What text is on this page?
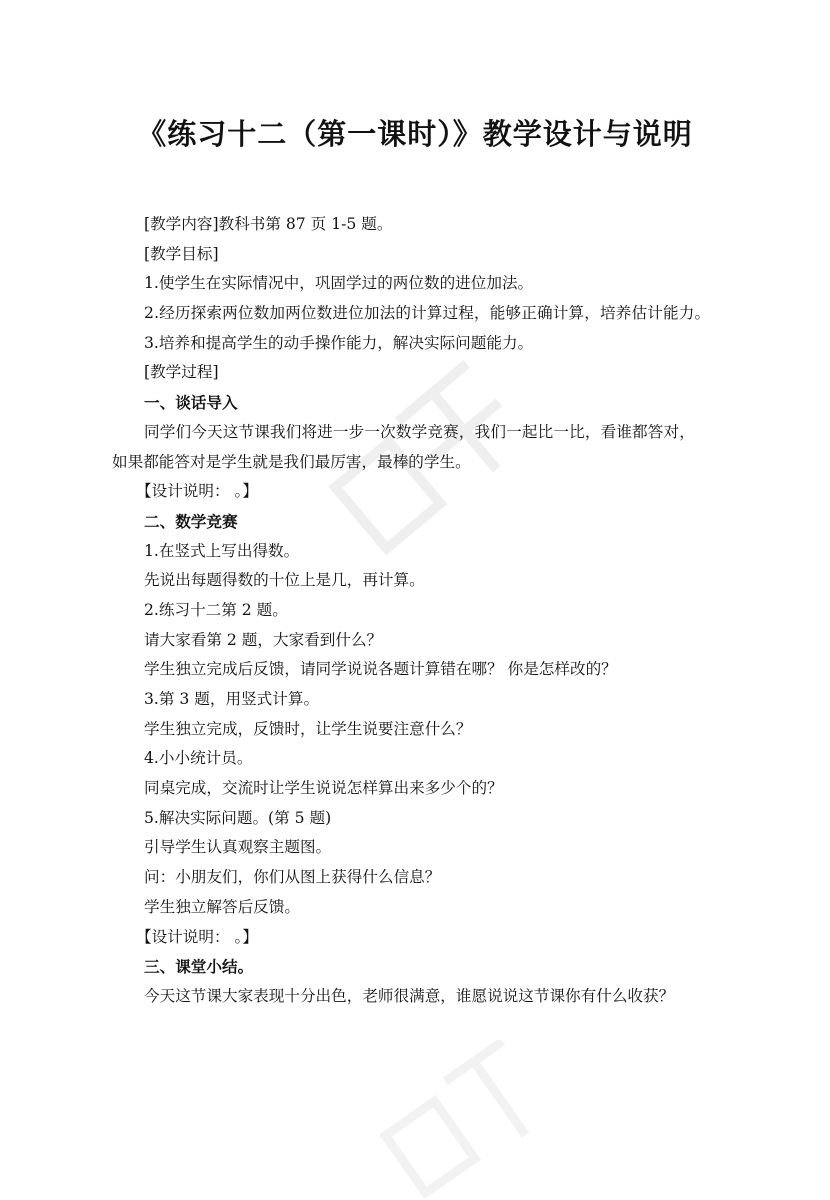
《练习十二（第一课时）》教学设计与说明
[教学内容]教科书第 87 页 1-5 题。
[教学目标]
1.使学生在实际情况中，巩固学过的两位数的进位加法。
2.经历探索两位数加两位数进位加法的计算过程，能够正确计算，培养估计能力。
3.培养和提高学生的动手操作能力，解决实际问题能力。
[教学过程]
一、谈话导入
同学们今天这节课我们将进一步一次数学竞赛，我们一起比一比，看谁都答对，
如果都能答对是学生就是我们最厉害，最棒的学生。
【设计说明： 。】
二、数学竞赛
1.在竖式上写出得数。
先说出每题得数的十位上是几，再计算。
2.练习十二第 2 题。
请大家看第 2 题，大家看到什么？
学生独立完成后反馈，请同学说说各题计算错在哪？ 你是怎样改的？
3.第 3 题，用竖式计算。
学生独立完成，反馈时，让学生说要注意什么？
4.小小统计员。
同桌完成，交流时让学生说说怎样算出来多少个的？
5.解决实际问题。(第 5 题)
引导学生认真观察主题图。
问：小朋友们，你们从图上获得什么信息？
学生独立解答后反馈。
【设计说明： 。】
三、课堂小结。
今天这节课大家表现十分出色，老师很满意，谁愿说说这节课你有什么收获？
